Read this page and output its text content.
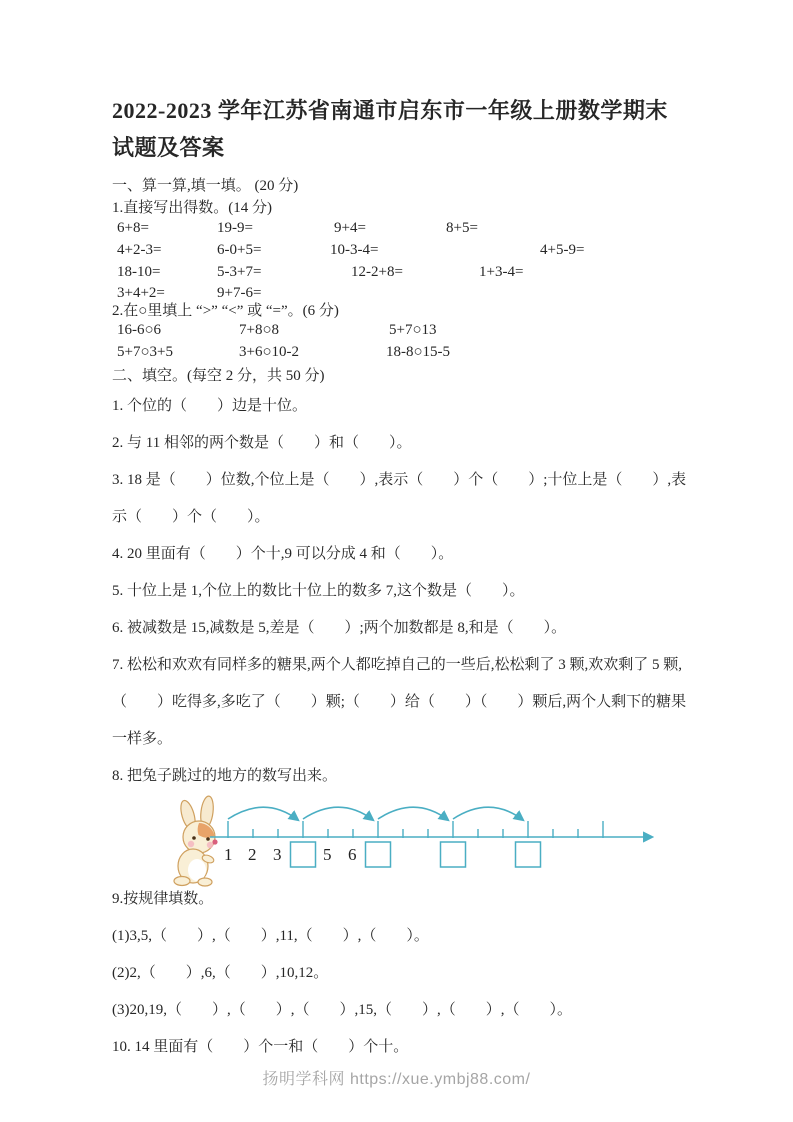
2022-2023 学年江苏省南通市启东市一年级上册数学期末试题及答案
一、算一算,填一填。 (20 分)
1.直接写出得数。(14 分)
6+8=	19-9=	9+4=	8+5=
4+2-3=	6-0+5=	10-3-4=	4+5-9=
18-10=	5-3+7=	12-2+8=	1+3-4=
3+4+2=	9+7-6=
2.在○里填上 “>” “<” 或 “=”。(6 分)
16-6○6	7+8○8	5+7○13
5+7○3+5	3+6○10-2	18-8○15-5
二、填空。(每空 2 分，共 50 分)
1. 个位的（　　）边是十位。
2. 与 11 相邻的两个数是（　　）和（　　）。
3. 18 是（　　）位数,个位上是（　　）,表示（　　）个（　　）;十位上是（　　）,表示（　　）个（　　）。
4. 20 里面有（　　）个十,9 可以分成 4 和（　　）。
5. 十位上是 1,个位上的数比十位上的数多 7,这个数是（　　）。
6. 被减数是 15,减数是 5,差是（　　）;两个加数都是 8,和是（　　）。
7. 松松和欢欢有同样多的糖果,两个人都吃掉自己的一些后,松松剩了 3 颗,欢欢剩了 5 颗,（　　）吃得多,多吃了（　　）颗;（　　）给（　　）（　　）颗后,两个人剩下的糖果一样多。
8. 把兔子跳过的地方的数写出来。
1 2 3 5 6
9.按规律填数。
(1)3,5,（　　）,（　　）,11,（　　）,（　　）。
(2)2,（　　）,6,（　　）,10,12。
(3)20,19,（　　）,（　　）,（　　）,15,（　　）,（　　）,（　　）。
10. 14 里面有（　　）个一和（　　）个十。
扬明学科网 https://xue.ymbj88.com/
